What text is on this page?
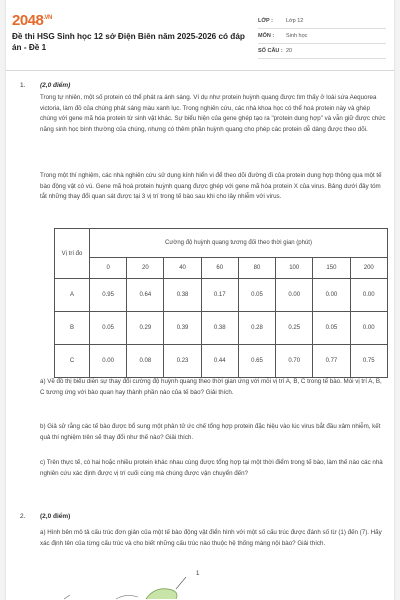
$2048^{.VN}$
Đề thi HSG Sinh học 12 sở Điện Biên năm 2025-2026 có đáp án - Đề 1
LỚP :	Lớp 12
MÔN :	Sinh học
SỐ CÂU : 20
1. (2,0 điểm)
Trong tự nhiên, một số protein có thể phát ra ánh sáng. Ví dụ như protein huỳnh quang được tìm thấy ở loài sứa Aequorea victoria, làm đỏ của chúng phát sáng màu xanh lục. Trong nghiên cứu, các nhà khoa học có thể hoá protein này và ghép chúng với gene mã hóa protein từ sinh vật khác. Sự biểu hiện của gene ghép tạo ra "protein dung hợp" và vẫn giữ được chức năng sinh học bình thường của chúng, nhưng có thêm phần huỳnh quang cho phép các protein dễ dàng được theo dõi.
Trong một thí nghiệm, các nhà nghiên cứu sử dụng kính hiển vi để theo dõi đường đi của protein dung hợp thông qua một tế bào động vật có vú. Gene mã hoá protein huỳnh quang được ghép với gene mã hóa protein X của virus. Bảng dưới đây tóm tắt những thay đổi quan sát được tại 3 vị trí trong tế bào sau khi cho lây nhiễm với virus.
Vị trí đo	Cường độ huỳnh quang tương đối theo thời gian (phút)							
	0	20	40	60	80	100	150	200
A	0.95	0.64	0.38	0.17	0.05	0.00	0.00	0.00
B	0.05	0.29	0.39	0.38	0.28	0.25	0.05	0.00
C	0.00	0.08	0.23	0.44	0.65	0.70	0.77	0.75
a) Vẽ đồ thị biểu diễn sự thay đổi cường độ huỳnh quang theo thời gian ứng với mỗi vị trí A, B, C trong tế bào. Mỗi vị trí A, B, C tương ứng với bào quan hay thành phần nào của tế bào? Giải thích.
b) Giả sử rằng các tế bào được bổ sung một phân tử ức chế tổng hợp protein đặc hiệu vào lúc virus bắt đầu xâm nhiễm, kết quả thí nghiệm trên sẽ thay đổi như thế nào? Giải thích.
c) Trên thực tế, có hai hoặc nhiều protein khác nhau cùng được tổng hợp tại một thời điểm trong tế bào, làm thế nào các nhà nghiên cứu xác định được vị trí cuối cùng mà chúng được vận chuyển đến?
2. (2,0 điểm)
a) Hình bên mô tả cấu trúc đơn giản của một tế bào động vật điển hình với một số cấu trúc được đánh số từ (1) đến (7). Hãy xác định tên của từng cấu trúc và cho biết những cấu trúc nào thuộc hệ thống màng nội bào? Giải thích.
1
